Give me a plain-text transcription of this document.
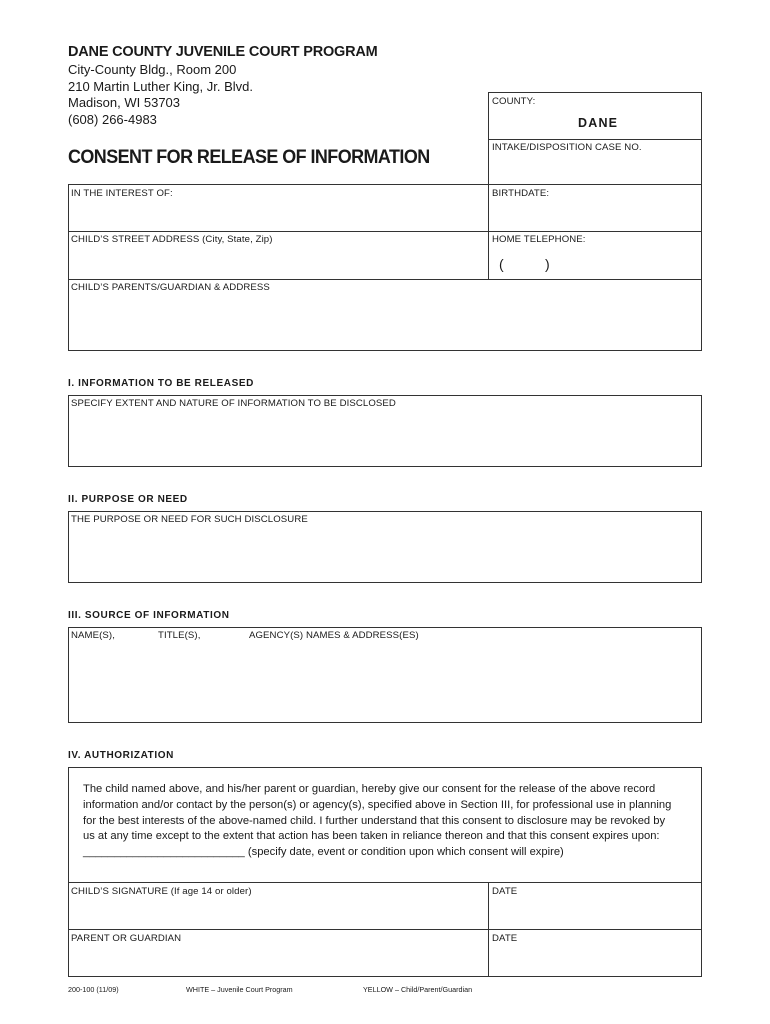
DANE COUNTY JUVENILE COURT PROGRAM
City-County Bldg., Room 200
210 Martin Luther King, Jr. Blvd.
Madison, WI 53703
(608) 266-4983
CONSENT FOR RELEASE OF INFORMATION
COUNTY:
DANE
INTAKE/DISPOSITION CASE NO.
IN THE INTEREST OF:	BIRTHDATE:
CHILD’S STREET ADDRESS (City, State, Zip)	HOME TELEPHONE:
(	)
CHILD’S PARENTS/GUARDIAN & ADDRESS
I. INFORMATION TO BE RELEASED
SPECIFY EXTENT AND NATURE OF INFORMATION TO BE DISCLOSED
II. PURPOSE OR NEED
THE PURPOSE OR NEED FOR SUCH DISCLOSURE
III. SOURCE OF INFORMATION
NAME(S),	TITLE(S),	AGENCY(S) NAMES & ADDRESS(ES)
IV. AUTHORIZATION
The child named above, and his/her parent or guardian, hereby give our consent for the release of the above record
information and/or contact by the person(s) or agency(s), specified above in Section III, for professional use in planning
for the best interests of the above-named child. I further understand that this consent to disclosure may be revoked by
us at any time except to the extent that action has been taken in reliance thereon and that this consent expires upon:
__________________________ (specify date, event or condition upon which consent will expire)
CHILD’S SIGNATURE (If age 14 or older)	DATE
PARENT OR GUARDIAN	DATE
200-100 (11/09)	WHITE – Juvenile Court Program	YELLOW – Child/Parent/Guardian
